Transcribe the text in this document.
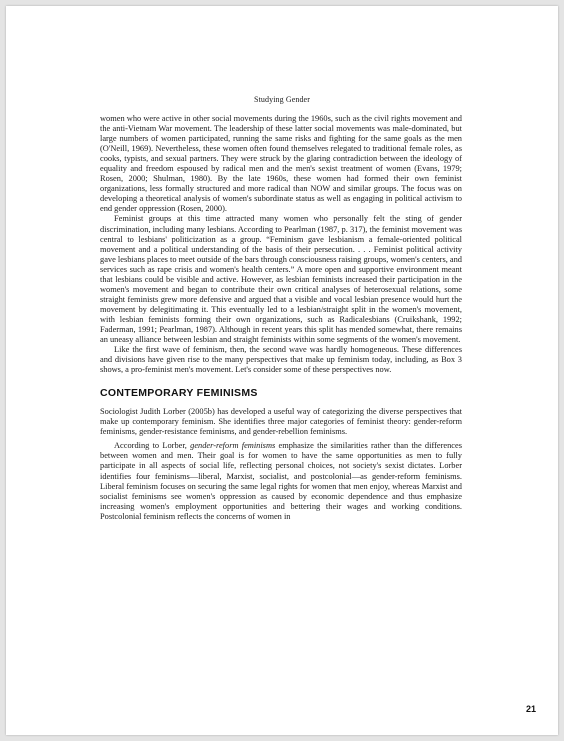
Studying Gender

women who were active in other social movements during the 1960s, such as the civil rights movement and the anti-Vietnam War movement. The leadership of these latter social movements was male-dominated, but large numbers of women participated, running the same risks and fighting for the same goals as the men (O'Neill, 1969). Nevertheless, these women often found themselves relegated to traditional female roles, as cooks, typists, and sexual partners. They were struck by the glaring contradiction between the ideology of equality and freedom espoused by radical men and the men's sexist treatment of women (Evans, 1979; Rosen, 2000; Shulman, 1980). By the late 1960s, these women had formed their own feminist organizations, less formally structured and more radical than NOW and similar groups. The focus was on developing a theoretical analysis of women's subordinate status as well as engaging in political activism to end gender oppression (Rosen, 2000).

Feminist groups at this time attracted many women who personally felt the sting of gender discrimination, including many lesbians. According to Pearlman (1987, p. 317), the feminist movement was central to lesbians' politicization as a group. “Feminism gave lesbianism a female-oriented political movement and a political understanding of the basis of their persecution. . . . Feminist political activity gave lesbians places to meet outside of the bars through consciousness raising groups, women's centers, and services such as rape crisis and women's health centers.” A more open and supportive environment meant that lesbians could be visible and active. However, as lesbian feminists increased their participation in the women's movement and began to contribute their own critical analyses of heterosexual relations, some straight feminists grew more defensive and argued that a visible and vocal lesbian presence would hurt the movement by delegitimating it. This eventually led to a lesbian/straight split in the women's movement, with lesbian feminists forming their own organizations, such as Radicalesbians (Cruikshank, 1992; Faderman, 1991; Pearlman, 1987). Although in recent years this split has mended somewhat, there remains an uneasy alliance between lesbian and straight feminists within some segments of the women's movement.

Like the first wave of feminism, then, the second wave was hardly homogeneous. These differences and divisions have given rise to the many perspectives that make up feminism today, including, as Box 3 shows, a pro-feminist men's movement. Let's consider some of these perspectives now.

CONTEMPORARY FEMINISMS

Sociologist Judith Lorber (2005b) has developed a useful way of categorizing the diverse perspectives that make up contemporary feminism. She identifies three major categories of feminist theory: gender-reform feminisms, gender-resistance feminisms, and gender-rebellion feminisms.

According to Lorber, gender-reform feminisms emphasize the similarities rather than the differences between women and men. Their goal is for women to have the same opportunities as men to fully participate in all aspects of social life, reflecting personal choices, not society's sexist dictates. Lorber identifies four feminisms—liberal, Marxist, socialist, and postcolonial—as gender-reform feminisms. Liberal feminism focuses on securing the same legal rights for women that men enjoy, whereas Marxist and socialist feminisms see women's oppression as caused by economic dependence and thus emphasize increasing women's employment opportunities and bettering their wages and working conditions. Postcolonial feminism reflects the concerns of women in

21
